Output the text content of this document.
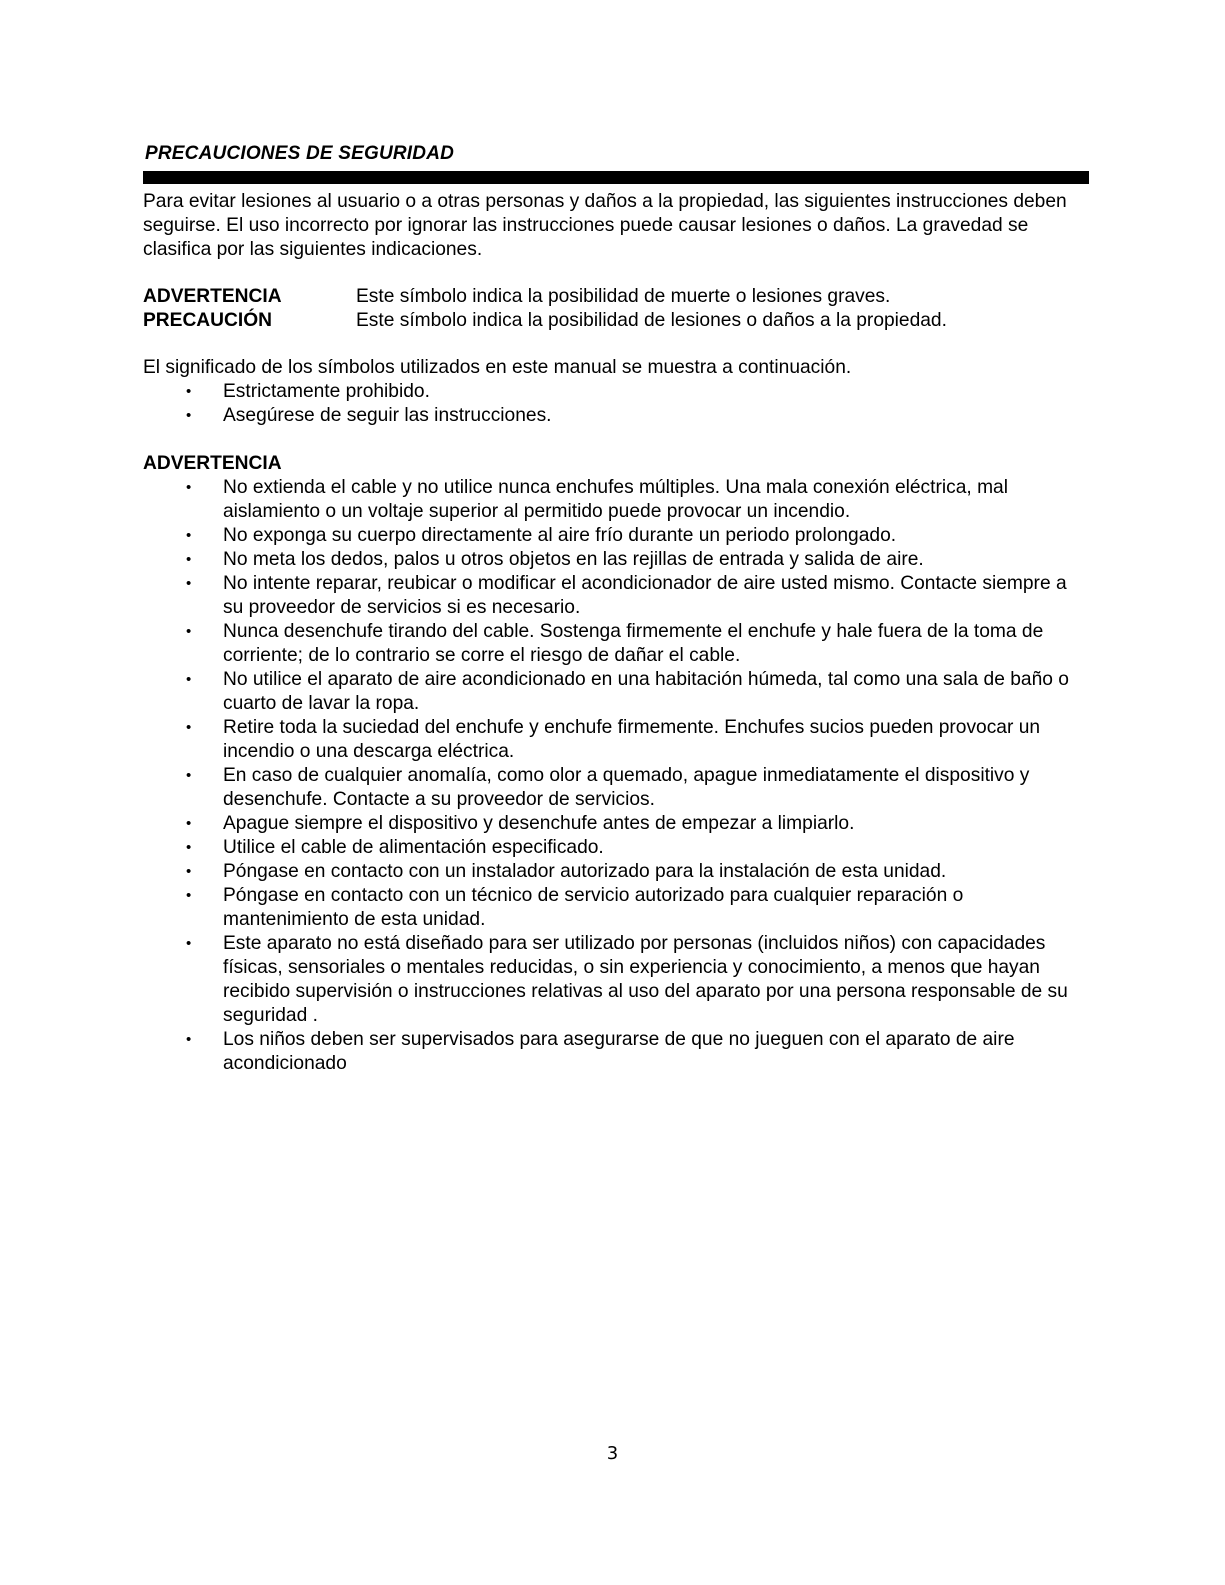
PRECAUCIONES DE SEGURIDAD

Para evitar lesiones al usuario o a otras personas y daños a la propiedad, las siguientes instrucciones deben seguirse. El uso incorrecto por ignorar las instrucciones puede causar lesiones o daños. La gravedad se clasifica por las siguientes indicaciones.

ADVERTENCIA	Este símbolo indica la posibilidad de muerte o lesiones graves.
PRECAUCIÓN	Este símbolo indica la posibilidad de lesiones o daños a la propiedad.

El significado de los símbolos utilizados en este manual se muestra a continuación.

• Estrictamente prohibido.
• Asegúrese de seguir las instrucciones.

ADVERTENCIA

• No extienda el cable y no utilice nunca enchufes múltiples. Una mala conexión eléctrica, mal aislamiento o un voltaje superior al permitido puede provocar un incendio.
• No exponga su cuerpo directamente al aire frío durante un periodo prolongado.
• No meta los dedos, palos u otros objetos en las rejillas de entrada y salida de aire.
• No intente reparar, reubicar o modificar el acondicionador de aire usted mismo. Contacte siempre a su proveedor de servicios si es necesario.
• Nunca desenchufe tirando del cable. Sostenga firmemente el enchufe y hale fuera de la toma de corriente; de lo contrario se corre el riesgo de dañar el cable.
• No utilice el aparato de aire acondicionado en una habitación húmeda, tal como una sala de baño o cuarto de lavar la ropa.
• Retire toda la suciedad del enchufe y enchufe firmemente. Enchufes sucios pueden provocar un incendio o una descarga eléctrica.
• En caso de cualquier anomalía, como olor a quemado, apague inmediatamente el dispositivo y desenchufe. Contacte a su proveedor de servicios.
• Apague siempre el dispositivo y desenchufe antes de empezar a limpiarlo.
• Utilice el cable de alimentación especificado.
• Póngase en contacto con un instalador autorizado para la instalación de esta unidad.
• Póngase en contacto con un técnico de servicio autorizado para cualquier reparación o mantenimiento de esta unidad.
• Este aparato no está diseñado para ser utilizado por personas (incluidos niños) con capacidades físicas, sensoriales o mentales reducidas, o sin experiencia y conocimiento, a menos que hayan recibido supervisión o instrucciones relativas al uso del aparato por una persona responsable de su seguridad .
• Los niños deben ser supervisados para asegurarse de que no jueguen con el aparato de aire acondicionado
3
